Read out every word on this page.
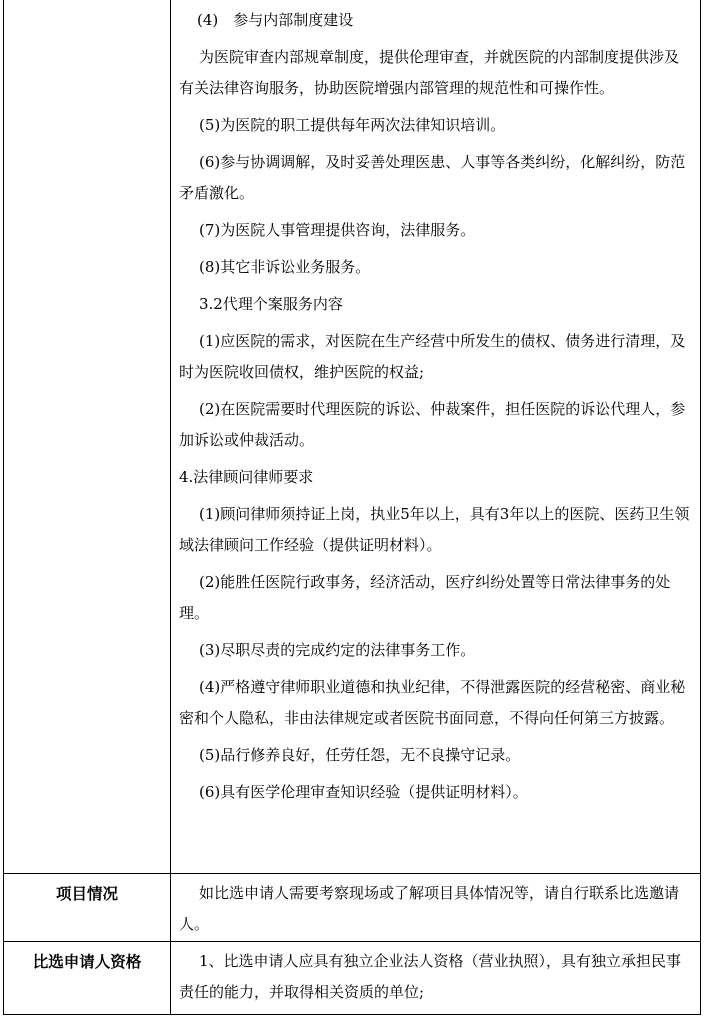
(4)　参与内部制度建设

为医院审查内部规章制度，提供伦理审查，并就医院的内部制度提供涉及有关法律咨询服务，协助医院增强内部管理的规范性和可操作性。

(5)为医院的职工提供每年两次法律知识培训。

(6)参与协调调解，及时妥善处理医患、人事等各类纠纷，化解纠纷，防范矛盾激化。

(7)为医院人事管理提供咨询，法律服务。

(8)其它非诉讼业务服务。

3.2代理个案服务内容

(1)应医院的需求，对医院在生产经营中所发生的债权、债务进行清理，及时为医院收回债权，维护医院的权益;

(2)在医院需要时代理医院的诉讼、仲裁案件，担任医院的诉讼代理人，参加诉讼或仲裁活动。

4.法律顾问律师要求

(1)顾问律师须持证上岗，执业5年以上，具有3年以上的医院、医药卫生领域法律顾问工作经验（提供证明材料）。

(2)能胜任医院行政事务，经济活动，医疗纠纷处置等日常法律事务的处理。

(3)尽职尽责的完成约定的法律事务工作。

(4)严格遵守律师职业道德和执业纪律，不得泄露医院的经营秘密、商业秘密和个人隐私，非由法律规定或者医院书面同意，不得向任何第三方披露。

(5)品行修养良好，任劳任怨，无不良操守记录。

(6)具有医学伦理审查知识经验（提供证明材料）。

项目情况	如比选申请人需要考察现场或了解项目具体情况等，请自行联系比选邀请人。

比选申请人资格	1、比选申请人应具有独立企业法人资格（营业执照），具有独立承担民事责任的能力，并取得相关资质的单位;
